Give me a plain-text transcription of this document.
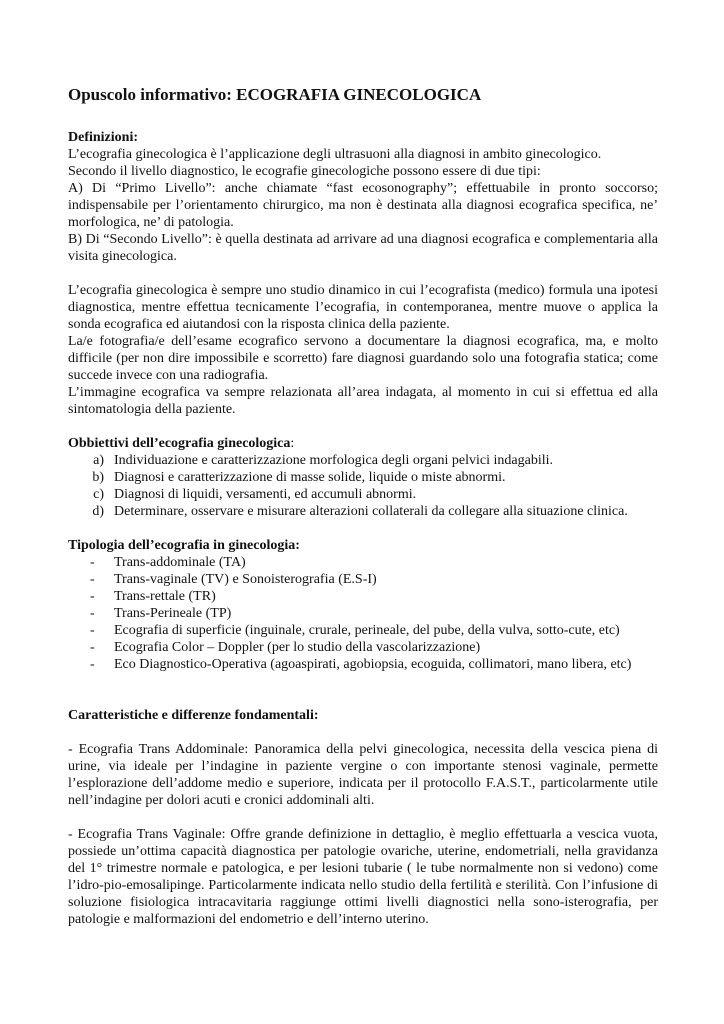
Opuscolo informativo: ECOGRAFIA GINECOLOGICA
Definizioni:

L’ecografia ginecologica è l’applicazione degli ultrasuoni alla diagnosi in ambito ginecologico.

Secondo il livello diagnostico, le ecografie ginecologiche possono essere di due tipi:

A) Di “Primo Livello”: anche chiamate “fast ecosonography”; effettuabile in pronto soccorso; indispensabile per l’orientamento chirurgico, ma non è destinata alla diagnosi ecografica specifica, ne’ morfologica, ne’ di patologia.

B) Di “Secondo Livello”: è quella destinata ad arrivare ad una diagnosi ecografica e complementaria alla visita ginecologica.

L’ecografia ginecologica è sempre uno studio dinamico in cui l’ecografista (medico) formula una ipotesi diagnostica, mentre effettua tecnicamente l’ecografia, in contemporanea, mentre muove o applica la sonda ecografica ed aiutandosi con la risposta clinica della paziente.

La/e fotografia/e dell’esame ecografico servono a documentare la diagnosi ecografica, ma, e molto difficile (per non dire impossibile e scorretto) fare diagnosi guardando solo una fotografia statica; come succede invece con una radiografia.

L’immagine ecografica va sempre relazionata all’area indagata, al momento in cui si effettua ed alla sintomatologia della paziente.

Obbiettivi dell’ecografia ginecologica:
a) Individuazione e caratterizzazione morfologica degli organi pelvici indagabili.
b) Diagnosi e caratterizzazione di masse solide, liquide o miste abnormi.
c) Diagnosi di liquidi, versamenti, ed accumuli abnormi.
d) Determinare, osservare e misurare alterazioni collaterali da collegare alla situazione clinica.
Tipologia dell’ecografia in ginecologia:
-	Trans-addominale (TA)
-	Trans-vaginale (TV) e Sonoisterografia (E.S-I)
-	Trans-rettale (TR)
-	Trans-Perineale (TP)
-	Ecografia di superficie (inguinale, crurale, perineale, del pube, della vulva, sotto-cute, etc)
-	Ecografia Color – Doppler (per lo studio della vascolarizzazione)
-	Eco Diagnostico-Operativa (agoaspirati, agobiopsia, ecoguida, collimatori, mano libera, etc)
Caratteristiche e differenze fondamentali:

- Ecografia Trans Addominale: Panoramica della pelvi ginecologica, necessita della vescica piena di urine, via ideale per l’indagine in paziente vergine o con importante stenosi vaginale, permette l’esplorazione dell’addome medio e superiore, indicata per il protocollo F.A.S.T., particolarmente utile nell’indagine per dolori acuti e cronici addominali alti.

- Ecografia Trans Vaginale: Offre grande definizione in dettaglio, è meglio effettuarla a vescica vuota, possiede un’ottima capacità diagnostica per patologie ovariche, uterine, endometriali, nella gravidanza del 1° trimestre normale e patologica, e per lesioni tubarie ( le tube normalmente non si vedono) come l’idro-pio-emosalipinge. Particolarmente indicata nello studio della fertilità e sterilità. Con l’infusione di soluzione fisiologica intracavitaria raggiunge ottimi livelli diagnostici nella sono-isterografia, per patologie e malformazioni del endometrio e dell’interno uterino.
